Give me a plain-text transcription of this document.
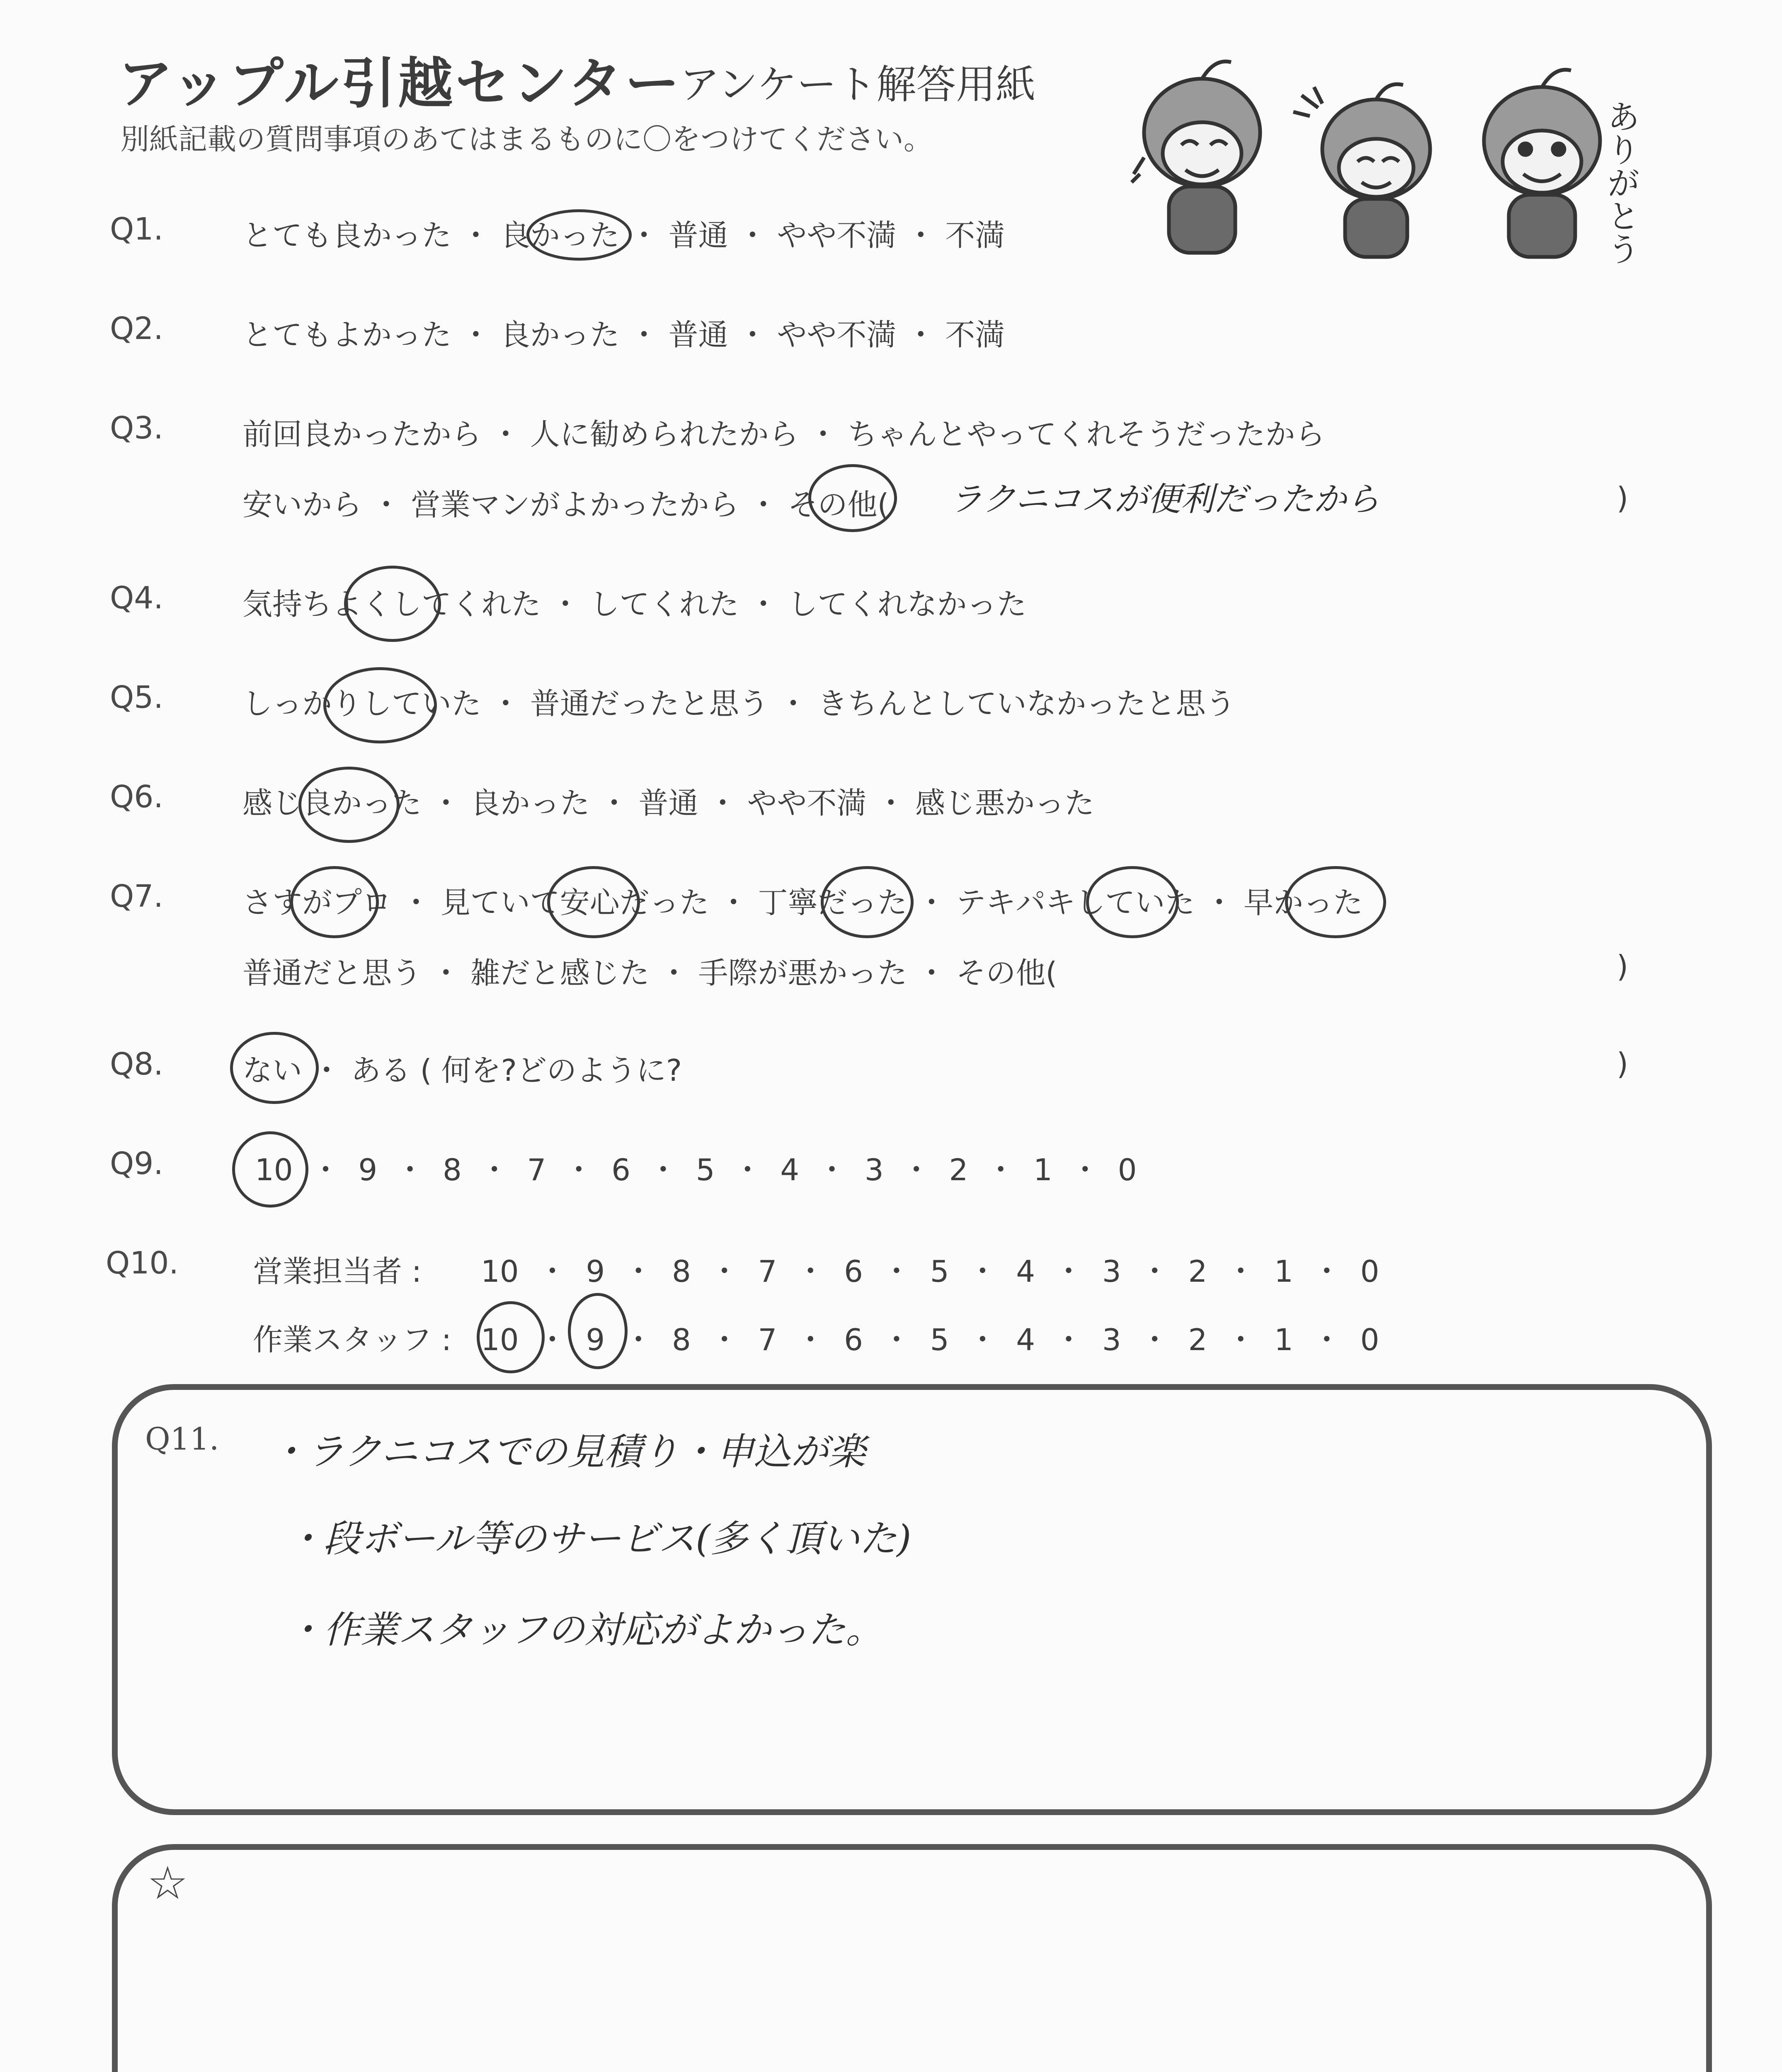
アップル引越センター
アンケート解答用紙
別紙記載の質問事項のあてはまるものに〇をつけてください。	ありがとう
Q1.	とても良かった ・ 良かった ・ 普通 ・ やや不満 ・ 不満
Q2.	とてもよかった ・ 良かった ・ 普通 ・ やや不満 ・ 不満
Q3.	前回良かったから ・ 人に勧められたから ・ ちゃんとやってくれそうだったから
安いから ・ 営業マンがよかったから ・ その他( ラクニコスが便利だったから	)
Q4.	気持ちよくしてくれた ・ してくれた ・ してくれなかった
Q5.	しっかりしていた ・ 普通だったと思う ・ きちんとしていなかったと思う
Q6.	感じ良かった ・ 良かった ・ 普通 ・ やや不満 ・ 感じ悪かった
Q7.	さすがプロ ・ 見ていて安心だった ・ 丁寧だった ・ テキパキしていた ・ 早かった
普通だと思う ・ 雑だと感じた ・ 手際が悪かった ・ その他(	)
Q8.	ない ・ ある ( 何を?どのように?	)
Q9.	10 ・ 9 ・ 8 ・ 7 ・ 6 ・ 5 ・ 4 ・ 3 ・ 2 ・ 1 ・ 0
Q10. 営業担当者 : 10 ・ 9 ・ 8 ・ 7 ・ 6 ・ 5 ・ 4 ・ 3 ・ 2 ・ 1 ・ 0
作業スタッフ : 10 ・ 9 ・ 8 ・ 7 ・ 6 ・ 5 ・ 4 ・ 3 ・ 2 ・ 1 ・ 0
Q11. ・ラクニコスでの見積り・申込が楽
・段ボール等のサービス(多く頂いた)
・作業スタッフの対応がよかった。
☆
